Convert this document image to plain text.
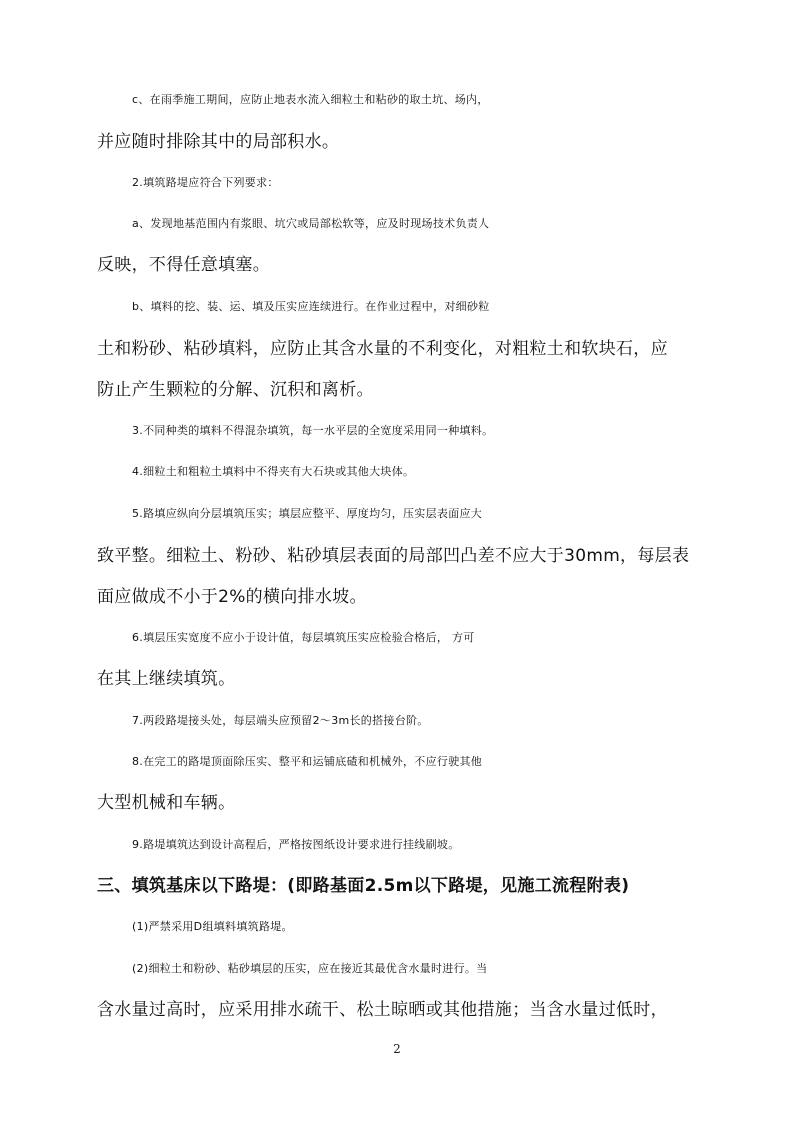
c、在雨季施工期间，应防止地表水流入细粒土和粘砂的取土坑、场内，
并应随时排除其中的局部积水。
2.填筑路堤应符合下列要求：
a、发现地基范围内有浆眼、坑穴或局部松软等，应及时现场技术负责人
反映，不得任意填塞。
b、填料的挖、装、运、填及压实应连续进行。在作业过程中，对细砂粒
土和粉砂、粘砂填料，应防止其含水量的不利变化，对粗粒土和软块石，应
防止产生颗粒的分解、沉积和离析。
3.不同种类的填料不得混杂填筑，每一水平层的全宽度采用同一种填料。
4.细粒土和粗粒土填料中不得夹有大石块或其他大块体。
5.路填应纵向分层填筑压实；填层应整平、厚度均匀，压实层表面应大
致平整。细粒土、粉砂、粘砂填层表面的局部凹凸差不应大于30mm，每层表
面应做成不小于2%的横向排水坡。
6.填层压实宽度不应小于设计值，每层填筑压实应检验合格后， 方可
在其上继续填筑。
7.两段路堤接头处，每层端头应预留2～3m长的搭接台阶。
8.在完工的路堤顶面除压实、整平和运铺底碴和机械外，不应行驶其他
大型机械和车辆。
9.路堤填筑达到设计高程后，严格按图纸设计要求进行挂线刷坡。
三、填筑基床以下路堤：(即路基面2.5m以下路堤，见施工流程附表)
(1)严禁采用D组填料填筑路堤。
(2)细粒土和粉砂、粘砂填层的压实，应在接近其最优含水量时进行。当
含水量过高时，应采用排水疏干、松土晾晒或其他措施；当含水量过低时，
2
